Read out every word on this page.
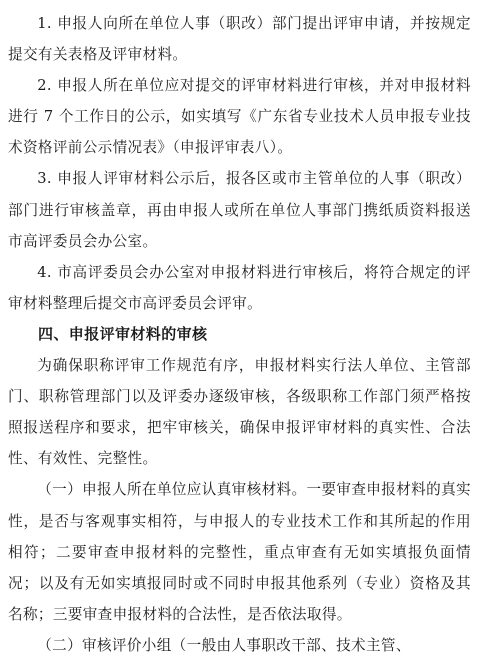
1. 申报人向所在单位人事（职改）部门提出评审申请，并按规定提交有关表格及评审材料。

2. 申报人所在单位应对提交的评审材料进行审核，并对申报材料进行 7 个工作日的公示，如实填写《广东省专业技术人员申报专业技术资格评前公示情况表》（申报评审表八）。

3. 申报人评审材料公示后，报各区或市主管单位的人事（职改）部门进行审核盖章，再由申报人或所在单位人事部门携纸质资料报送市高评委员会办公室。

4. 市高评委员会办公室对申报材料进行审核后，将符合规定的评审材料整理后提交市高评委员会评审。

四、申报评审材料的审核

为确保职称评审工作规范有序，申报材料实行法人单位、主管部门、职称管理部门以及评委办逐级审核，各级职称工作部门须严格按照报送程序和要求，把牢审核关，确保申报评审材料的真实性、合法性、有效性、完整性。

（一）申报人所在单位应认真审核材料。一要审查申报材料的真实性，是否与客观事实相符，与申报人的专业技术工作和其所起的作用相符；二要审查申报材料的完整性，重点审查有无如实填报负面情况；以及有无如实填报同时或不同时申报其他系列（专业）资格及其名称；三要审查申报材料的合法性，是否依法取得。

（二）审核评价小组（一般由人事职改干部、技术主管、
